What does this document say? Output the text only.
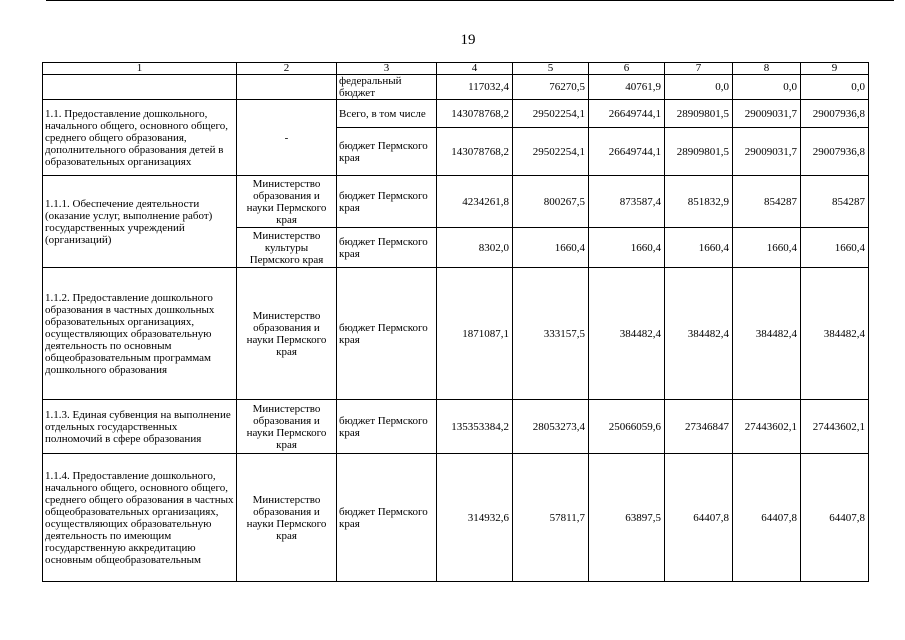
19
1	2	3	4	5	6	7	8	9
		федеральный бюджет	117032,4	76270,5	40761,9	0,0	0,0	0,0
1.1. Предоставление дошкольного, начального общего, основного общего, среднего общего образования, дополнительного образования детей в образовательных организациях	-	Всего, в том числе	143078768,2	29502254,1	26649744,1	28909801,5	29009031,7	29007936,8
		бюджет Пермского края	143078768,2	29502254,1	26649744,1	28909801,5	29009031,7	29007936,8
1.1.1. Обеспечение деятельности (оказание услуг, выполнение работ) государственных учреждений (организаций)	Министерство образования и науки Пермского края	бюджет Пермского края	4234261,8	800267,5	873587,4	851832,9	854287	854287
	Министерство культуры Пермского края	бюджет Пермского края	8302,0	1660,4	1660,4	1660,4	1660,4	1660,4
1.1.2. Предоставление дошкольного образования в частных дошкольных образовательных организациях, осуществляющих образовательную деятельность по основным общеобразовательным программам дошкольного образования	Министерство образования и науки Пермского края	бюджет Пермского края	1871087,1	333157,5	384482,4	384482,4	384482,4	384482,4
1.1.3. Единая субвенция на выполнение отдельных государственных полномочий в сфере образования	Министерство образования и науки Пермского края	бюджет Пермского края	135353384,2	28053273,4	25066059,6	27346847	27443602,1	27443602,1
1.1.4. Предоставление дошкольного, начального общего, основного общего, среднего общего образования в частных общеобразовательных организациях, осуществляющих образовательную деятельность по имеющим государственную аккредитацию основным общеобразовательным	Министерство образования и науки Пермского края	бюджет Пермского края	314932,6	57811,7	63897,5	64407,8	64407,8	64407,8
